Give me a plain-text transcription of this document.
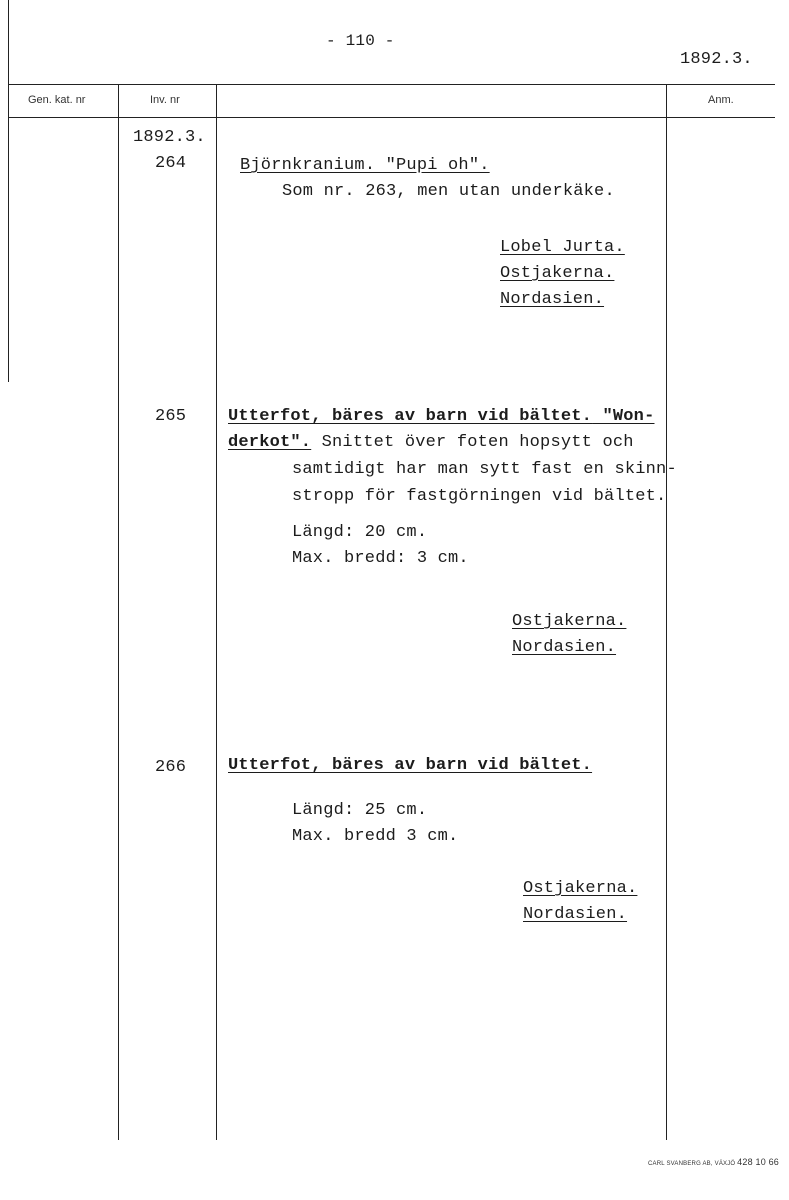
- 110 -
1892.3.
Gen. kat. nr	Inv. nr	Anm.
1892.3.
264	Björnkranium. "Pupi oh".
Som nr. 263, men utan underkäke.
Lobel Jurta.
Ostjakerna.
Nordasien.
265 Utterfot, bäres av barn vid bältet. "Won-
derkot". Snittet över foten hopsytt och
samtidigt har man sytt fast en skinn-
stropp för fastgörningen vid bältet.
Längd: 20 cm.
Max. bredd: 3 cm.
Ostjakerna.
Nordasien.
266 Utterfot, bäres av barn vid bältet.
Längd: 25 cm.
Max. bredd 3 cm.
Ostjakerna.
Nordasien.
CARL SVANBERG AB, VÄXJÖ 428 10 66
